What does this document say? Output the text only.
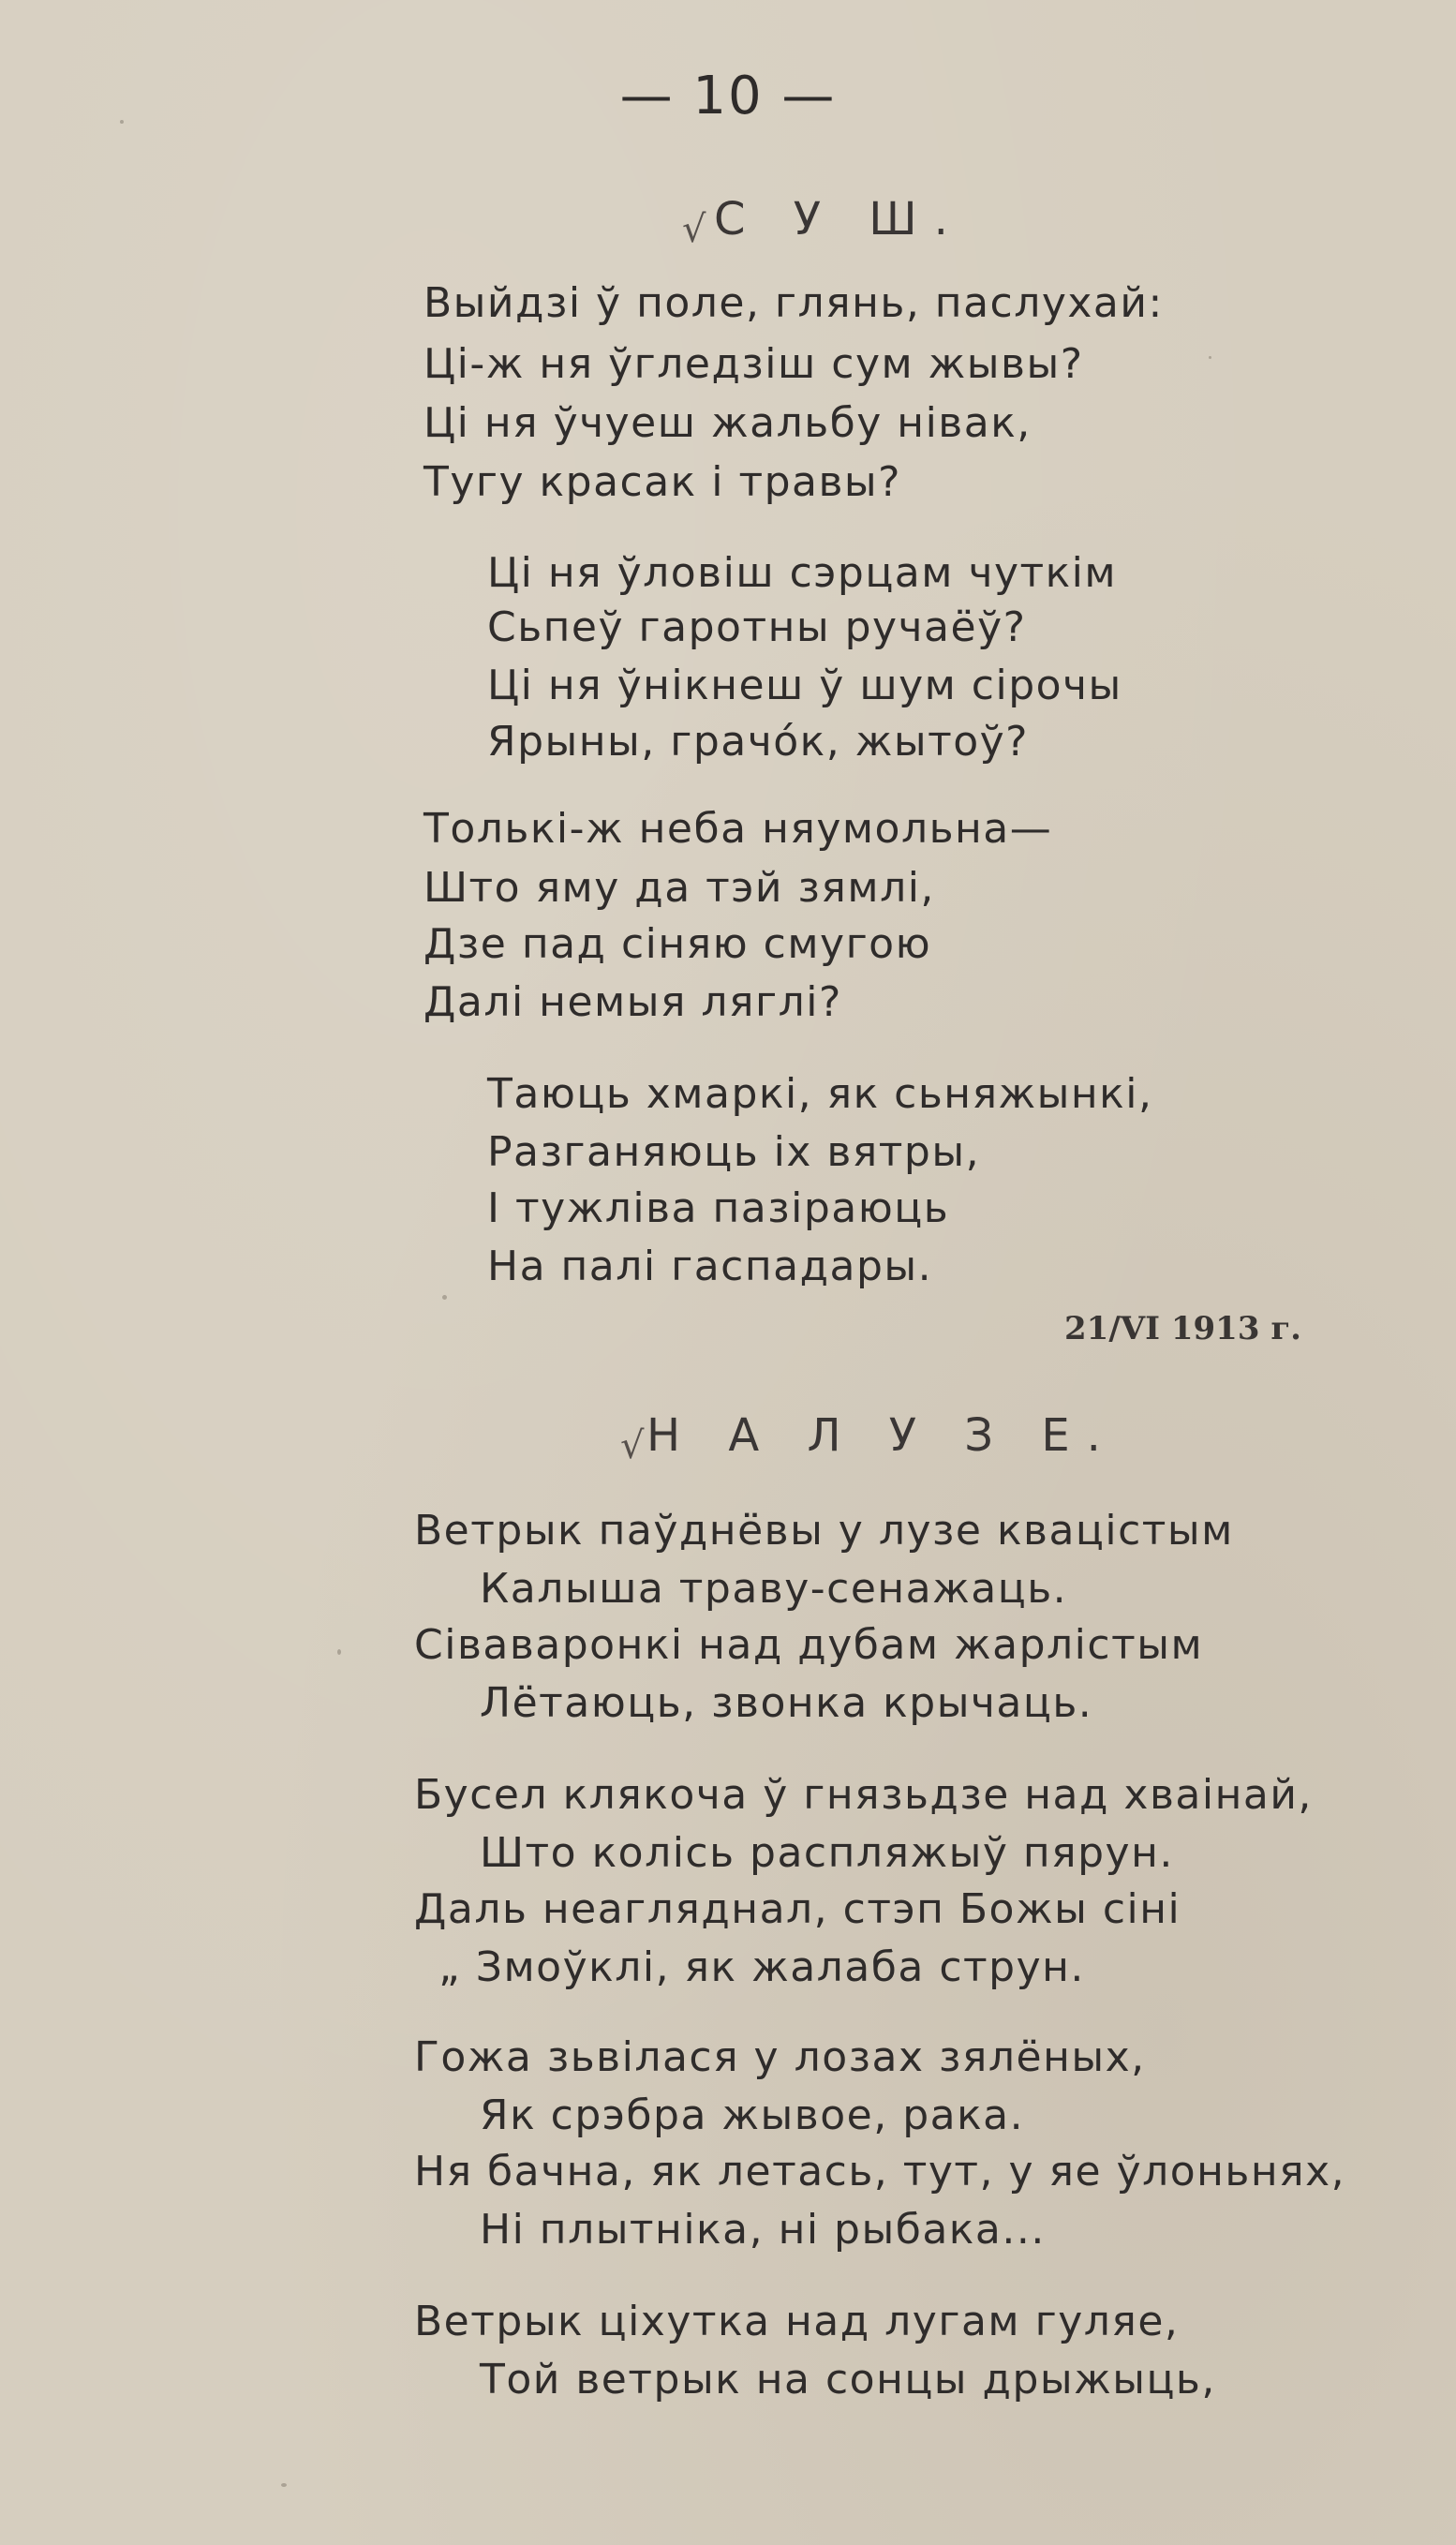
— 10 —
√ С У Ш.
Выйдзі ў поле, глянь, паслухай:
Ці-ж ня ўгледзіш сум жывы?
Ці ня ўчуеш жальбу нівак,
Тугу красак і травы?
Ці ня ўловіш сэрцам чуткім
Сьпеў гаротны ручаёў?
Ці ня ўнікнеш ў шум сірочы
Ярыны, грачо́к, жытоў?
Толькі-ж неба няумольна—
Што яму да тэй зямлі,
Дзе пад сіняю смугою
Далі немыя ляглі?
Таюць хмаркі, як сьняжынкі,
Разганяюць іх вятры,
І тужліва пазіраюць
На палі гаспадары.
21/VI 1913 г.
√ Н А Л У З Е.
Ветрык паўднёвы у лузе кваціcтым
Калыша траву-сенажаць.
Сіваваронкі над дубам жарлістым
Лётаюць, звонка крычаць.
Бусел клякоча ў гнязьдзе над хваінай,
Што колісь распляжыў пярун.
Даль неагляднал, стэп Божы сіні
„ Змоўклі, як жалаба струн.
Гожа зьвілася у лозах зялёных,
Як срэбра жывое, рака.
Ня бачна, як летась, тут, у яе ўлоньнях,
Ні плытніка, ні рыбака...
Ветрык ціхутка над лугам гуляе,
Той ветрык на сонцы дрыжыць,
